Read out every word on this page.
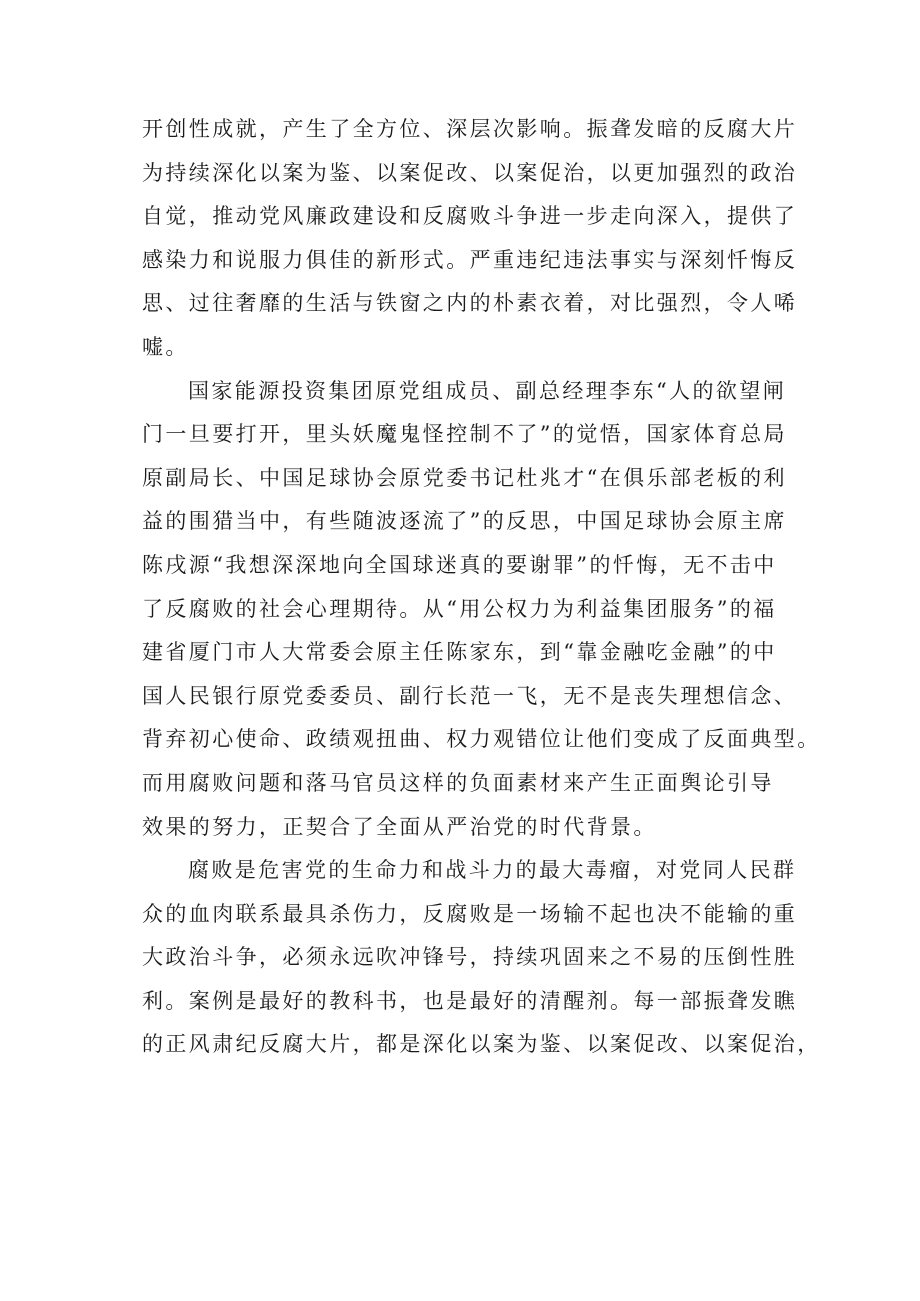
开创性成就，产生了全方位、深层次影响。振聋发暗的反腐大片
为持续深化以案为鉴、以案促改、以案促治，以更加强烈的政治
自觉，推动党风廉政建设和反腐败斗争进一步走向深入，提供了
感染力和说服力俱佳的新形式。严重违纪违法事实与深刻忏悔反
思、过往奢靡的生活与铁窗之内的朴素衣着，对比强烈，令人唏
嘘。
国家能源投资集团原党组成员、副总经理李东“人的欲望闸
门一旦要打开，里头妖魔鬼怪控制不了”的觉悟，国家体育总局
原副局长、中国足球协会原党委书记杜兆才“在俱乐部老板的利
益的围猎当中，有些随波逐流了”的反思，中国足球协会原主席
陈戌源“我想深深地向全国球迷真的要谢罪”的忏悔，无不击中
了反腐败的社会心理期待。从“用公权力为利益集团服务”的福
建省厦门市人大常委会原主任陈家东，到“靠金融吃金融”的中
国人民银行原党委委员、副行长范一飞，无不是丧失理想信念、
背弃初心使命、政绩观扭曲、权力观错位让他们变成了反面典型。
而用腐败问题和落马官员这样的负面素材来产生正面舆论引导
效果的努力，正契合了全面从严治党的时代背景。
腐败是危害党的生命力和战斗力的最大毒瘤，对党同人民群
众的血肉联系最具杀伤力，反腐败是一场输不起也决不能输的重
大政治斗争，必须永远吹冲锋号，持续巩固来之不易的压倒性胜
利。案例是最好的教科书，也是最好的清醒剂。每一部振聋发瞧
的正风肃纪反腐大片，都是深化以案为鉴、以案促改、以案促治，
